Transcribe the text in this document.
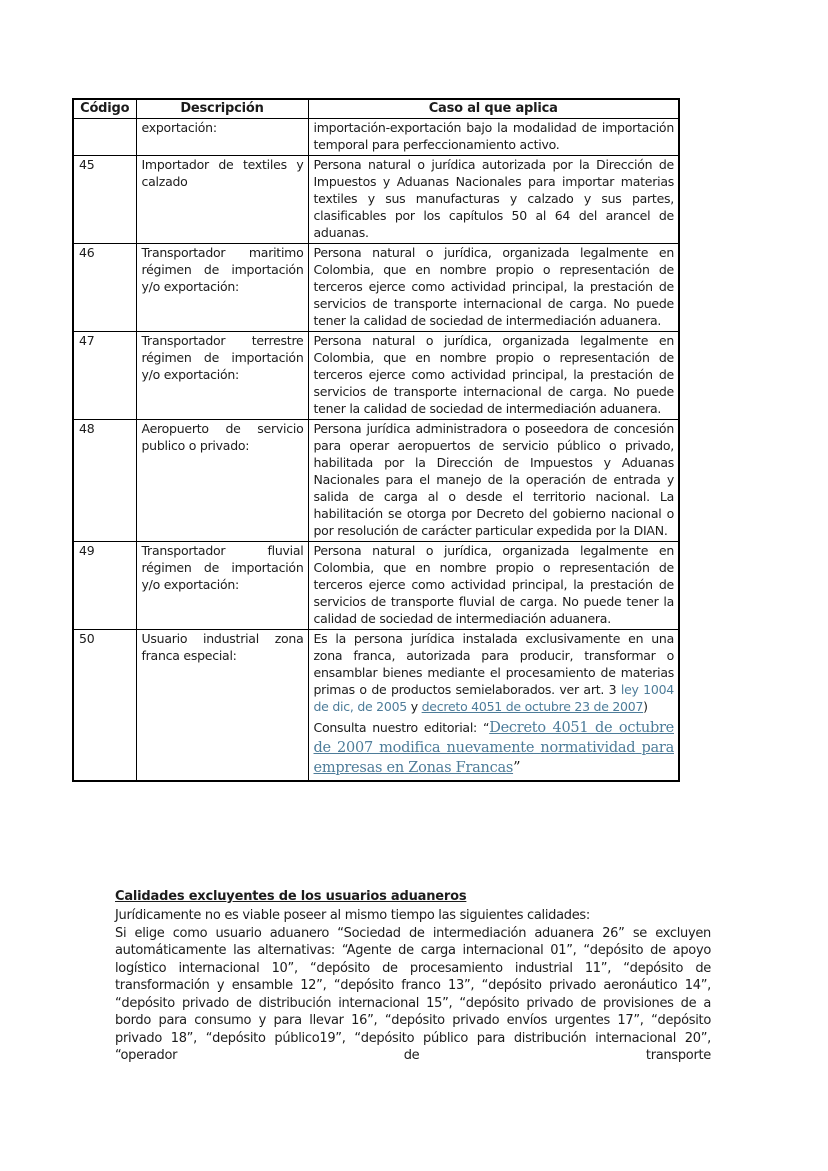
Código	Descripción	Caso al que aplica
	exportación:	importación-exportación bajo la modalidad de importación temporal para perfeccionamiento activo.

45	Importador de textiles y calzado	Persona natural o jurídica autorizada por la Dirección de Impuestos y Aduanas Nacionales para importar materias textiles y sus manufacturas y calzado y sus partes, clasificables por los capítulos 50 al 64 del arancel de aduanas.

46	Transportador maritimo régimen de importación y/o exportación:	Persona natural o jurídica, organizada legalmente en Colombia, que en nombre propio o representación de terceros ejerce como actividad principal, la prestación de servicios de transporte internacional de carga. No puede tener la calidad de sociedad de intermediación aduanera.

47	Transportador terrestre régimen de importación y/o exportación:	Persona natural o jurídica, organizada legalmente en Colombia, que en nombre propio o representación de terceros ejerce como actividad principal, la prestación de servicios de transporte internacional de carga. No puede tener la calidad de sociedad de intermediación aduanera.

48	Aeropuerto de servicio publico o privado:	Persona jurídica administradora o poseedora de concesión para operar aeropuertos de servicio público o privado, habilitada por la Dirección de Impuestos y Aduanas Nacionales para el manejo de la operación de entrada y salida de carga al o desde el territorio nacional. La habilitación se otorga por Decreto del gobierno nacional o por resolución de carácter particular expedida por la DIAN.

49	Transportador fluvial régimen de importación y/o exportación:	Persona natural o jurídica, organizada legalmente en Colombia, que en nombre propio o representación de terceros ejerce como actividad principal, la prestación de servicios de transporte fluvial de carga. No puede tener la calidad de sociedad de intermediación aduanera.

50	Usuario industrial zona franca especial:	Es la persona jurídica instalada exclusivamente en una zona franca, autorizada para producir, transformar o ensamblar bienes mediante el procesamiento de materias primas o de productos semielaborados. ver art. 3 ley 1004 de dic, de 2005 y decreto 4051 de octubre 23 de 2007)
Consulta nuestro editorial: “Decreto 4051 de octubre de 2007 modifica nuevamente normatividad para empresas en Zonas Francas”
Calidades excluyentes de los usuarios aduaneros

Jurídicamente no es viable poseer al mismo tiempo las siguientes calidades:

Si elige como usuario aduanero “Sociedad de intermediación aduanera 26” se excluyen automáticamente las alternativas: “Agente de carga internacional 01”, “depósito de apoyo logístico internacional 10”, “depósito de procesamiento industrial 11”, “depósito de transformación y ensamble 12”, “depósito franco 13”, “depósito privado aeronáutico 14”, “depósito privado de distribución internacional 15”, “depósito privado de provisiones de a bordo para consumo y para llevar 16”, “depósito privado envíos urgentes 17”, “depósito privado 18”, “depósito público19”, “depósito público para distribución internacional 20”, “operador de transporte
